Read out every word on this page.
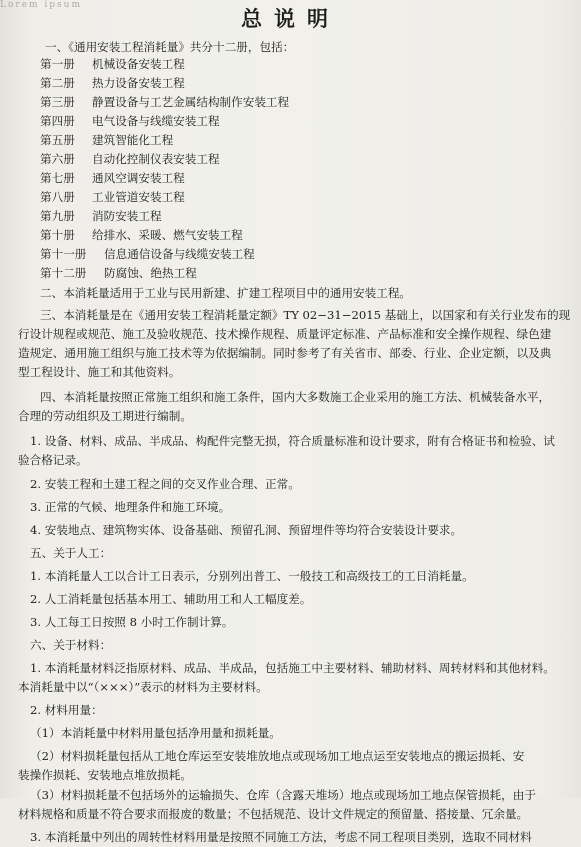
Lorem ipsum
总说明
一、《通用安装工程消耗量》共分十二册，包括：
第一册 机械设备安装工程
第二册 热力设备安装工程
第三册 静置设备与工艺金属结构制作安装工程
第四册 电气设备与线缆安装工程
第五册 建筑智能化工程
第六册 自动化控制仪表安装工程
第七册 通风空调安装工程
第八册 工业管道安装工程
第九册 消防安装工程
第十册 给排水、采暖、燃气安装工程
第十一册 信息通信设备与线缆安装工程
第十二册 防腐蚀、绝热工程
二、本消耗量适用于工业与民用新建、扩建工程项目中的通用安装工程。
三、本消耗量是在《通用安装工程消耗量定额》TY 02−31−2015 基础上，以国家和有关行业发布的现
行设计规程或规范、施工及验收规范、技术操作规程、质量评定标准、产品标准和安全操作规程、绿色建
造规定、通用施工组织与施工技术等为依据编制。同时参考了有关省市、部委、行业、企业定额，以及典
型工程设计、施工和其他资料。
四、本消耗量按照正常施工组织和施工条件，国内大多数施工企业采用的施工方法、机械装备水平，
合理的劳动组织及工期进行编制。
1. 设备、材料、成品、半成品、构配件完整无损，符合质量标准和设计要求，附有合格证书和检验、试
验合格记录。
2. 安装工程和土建工程之间的交叉作业合理、正常。
3. 正常的气候、地理条件和施工环境。
4. 安装地点、建筑物实体、设备基础、预留孔洞、预留埋件等均符合安装设计要求。
五、关于人工：
1. 本消耗量人工以合计工日表示，分别列出普工、一般技工和高级技工的工日消耗量。
2. 人工消耗量包括基本用工、辅助用工和人工幅度差。
3. 人工每工日按照 8 小时工作制计算。
六、关于材料：
1. 本消耗量材料泛指原材料、成品、半成品，包括施工中主要材料、辅助材料、周转材料和其他材料。
本消耗量中以“（×××）”表示的材料为主要材料。
2. 材料用量：
（1）本消耗量中材料用量包括净用量和损耗量。
（2）材料损耗量包括从工地仓库运至安装堆放地点或现场加工地点运至安装地点的搬运损耗、安
装操作损耗、安装地点堆放损耗。
（3）材料损耗量不包括场外的运输损失、仓库（含露天堆场）地点或现场加工地点保管损耗，由于
材料规格和质量不符合要求而报废的数量；不包括规范、设计文件规定的预留量、搭接量、冗余量。
3. 本消耗量中列出的周转性材料用量是按照不同施工方法，考虑不同工程项目类别，选取不同材料
